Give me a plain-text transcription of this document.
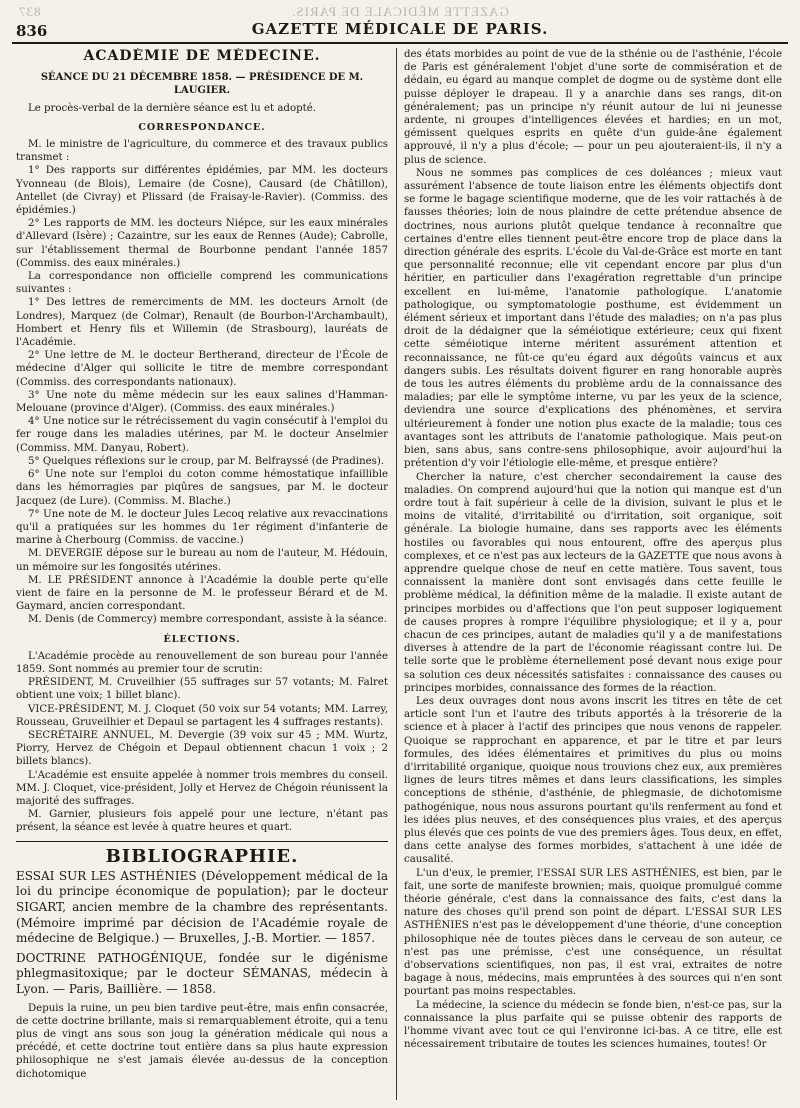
GAZETTE MÉDICALE DE PARIS.
837
836	GAZETTE MÉDICALE DE PARIS.
ACADÉMIE DE MÉDECINE.
SÉANCE DU 21 DÉCEMBRE 1858. — PRÉSIDENCE DE M. LAUGIER.

Le procès-verbal de la dernière séance est lu et adopté.

CORRESPONDANCE.

M. le ministre de l'agriculture, du commerce et des travaux publics transmet :

1° Des rapports sur différentes épidémies, par MM. les docteurs Yvonneau (de Blois), Lemaire (de Cosne), Causard (de Châtillon), Antellet (de Civray) et Plissard (de Fraisay-le-Ravier). (Commiss. des épidémies.)

2° Les rapports de MM. les docteurs Niépce, sur les eaux minérales d'Allevard (Isère) ; Cazaintre, sur les eaux de Rennes (Aude); Cabrolle, sur l'établissement thermal de Bourbonne pendant l'année 1857 (Commiss. des eaux minérales.)

La correspondance non officielle comprend les communications suivantes :

1° Des lettres de remerciments de MM. les docteurs Arnolt (de Londres), Marquez (de Colmar), Renault (de Bourbon-l'Archambault), Hombert et Henry fils et Willemin (de Strasbourg), lauréats de l'Académie.

2° Une lettre de M. le docteur Bertherand, directeur de l'École de médecine d'Alger qui sollicite le titre de membre correspondant (Commiss. des correspondants nationaux).

3° Une note du même médecin sur les eaux salines d'Hamman-Melouane (province d'Alger). (Commiss. des eaux minérales.)

4° Une notice sur le rétrécissement du vagin consécutif à l'emploi du fer rouge dans les maladies utérines, par M. le docteur Anselmier (Commiss. MM. Danyau, Robert).

5° Quelques réflexions sur le croup, par M. Belfrayssé (de Pradines).

6° Une note sur l'emploi du coton comme hémostatique infaillible dans les hémorragies par piqûres de sangsues, par M. le docteur Jacquez (de Lure). (Commiss. M. Blache.)

7° Une note de M. le docteur Jules Lecoq relative aux revaccinations qu'il a pratiquées sur les hommes du 1er régiment d'infanterie de marine à Cherbourg (Commiss. de vaccine.)

M. DEVERGIE dépose sur le bureau au nom de l'auteur, M. Hédouin, un mémoire sur les fongosités utérines.

M. LE PRÉSIDENT annonce à l'Académie la double perte qu'elle vient de faire en la personne de M. le professeur Bérard et de M. Gaymard, ancien correspondant.

M. Denis (de Commercy) membre correspondant, assiste à la séance.

ÉLECTIONS.

L'Académie procède au renouvellement de son bureau pour l'année 1859. Sont nommés au premier tour de scrutin:

PRÉSIDENT, M. Cruveilhier (55 suffrages sur 57 votants; M. Falret obtient une voix; 1 billet blanc).

VICE-PRÉSIDENT, M. J. Cloquet (50 voix sur 54 votants; MM. Larrey, Rousseau, Gruveilhier et Depaul se partagent les 4 suffrages restants).

SECRÉTAIRE ANNUEL, M. Devergie (39 voix sur 45 ; MM. Wurtz, Piorry, Hervez de Chégoin et Depaul obtiennent chacun 1 voix ; 2 billets blancs).

L'Académie est ensuite appelée à nommer trois membres du conseil. MM. J. Cloquet, vice-président, Jolly et Hervez de Chégoin réunissent la majorité des suffrages.

M. Garnier, plusieurs fois appelé pour une lecture, n'étant pas présent, la séance est levée à quatre heures et quart.

BIBLIOGRAPHIE.

ESSAI SUR LES ASTHÉNIES (Développement médical de la loi du principe économique de population); par le docteur SIGART, ancien membre de la chambre des représentants. (Mémoire imprimé par décision de l'Académie royale de médecine de Belgique.) — Bruxelles, J.-B. Mortier. — 1857.

DOCTRINE PATHOGÉNIQUE, fondée sur le digénisme phlegmasitoxique; par le docteur SÉMANAS, médecin à Lyon. — Paris, Baillière. — 1858.

Depuis la ruine, un peu bien tardive peut-être, mais enfin consacrée, de cette doctrine brillante, mais si remarquablement étroite, qui a tenu plus de vingt ans sous son joug la génération médicale qui nous a précédé, et cette doctrine tout entière dans sa plus haute expression philosophique ne s'est jamais élevée au-dessus de la conception dichotomique

des états morbides au point de vue de la sthénie ou de l'asthénie, l'école de Paris est généralement l'objet d'une sorte de commisération et de dédain, eu égard au manque complet de dogme ou de système dont elle puisse déployer le drapeau. Il y a anarchie dans ses rangs, dit-on généralement; pas un principe n'y réunit autour de lui ni jeunesse ardente, ni groupes d'intelligences élevées et hardies; en un mot, gémissent quelques esprits en quête d'un guide-âne également approuvé, il n'y a plus d'école; — pour un peu ajouteraient-ils, il n'y a plus de science.

Nous ne sommes pas complices de ces doléances ; mieux vaut assurément l'absence de toute liaison entre les éléments objectifs dont se forme le bagage scientifique moderne, que de les voir rattachés à de fausses théories; loin de nous plaindre de cette prétendue absence de doctrines, nous aurions plutôt quelque tendance à reconnaître que certaines d'entre elles tiennent peut-être encore trop de place dans la direction générale des esprits. L'école du Val-de-Grâce est morte en tant que personnalité reconnue; elle vit cependant encore par plus d'un héritier, en particulier dans l'exagération regrettable d'un principe excellent en lui-même, l'anatomie pathologique. L'anatomie pathologique, ou symptomatologie posthume, est évidemment un élément sérieux et important dans l'étude des maladies; on n'a pas plus droit de la dédaigner que la séméiotique extérieure; ceux qui fixent cette séméiotique interne méritent assurément attention et reconnaissance, ne fût-ce qu'eu égard aux dégoûts vaincus et aux dangers subis. Les résultats doivent figurer en rang honorable auprès de tous les autres éléments du problème ardu de la connaissance des maladies; par elle le symptôme interne, vu par les yeux de la science, deviendra une source d'explications des phénomènes, et servira ultérieurement à fonder une notion plus exacte de la maladie; tous ces avantages sont les attributs de l'anatomie pathologique. Mais peut-on bien, sans abus, sans contre-sens philosophique, avoir aujourd'hui la prétention d'y voir l'étiologie elle-même, et presque entière?

Chercher la nature, c'est chercher secondairement la cause des maladies. On comprend aujourd'hui que la notion qui manque est d'un ordre tout à fait supérieur à celle de la division, suivant le plus et le moins de vitalité, d'irritabilité ou d'irritation, soit organique, soit générale. La biologie humaine, dans ses rapports avec les éléments hostiles ou favorables qui nous entourent, offre des aperçus plus complexes, et ce n'est pas aux lecteurs de la GAZETTE que nous avons à apprendre quelque chose de neuf en cette matière. Tous savent, tous connaissent la manière dont sont envisagés dans cette feuille le problème médical, la définition même de la maladie. Il existe autant de principes morbides ou d'affections que l'on peut supposer logiquement de causes propres à rompre l'équilibre physiologique; et il y a, pour chacun de ces principes, autant de maladies qu'il y a de manifestations diverses à attendre de la part de l'économie réagissant contre lui. De telle sorte que le problème éternellement posé devant nous exige pour sa solution ces deux nécessités satisfaites : connaissance des causes ou principes morbides, connaissance des formes de la réaction.

Les deux ouvrages dont nous avons inscrit les titres en tête de cet article sont l'un et l'autre des tributs apportés à la trésorerie de la science et à placer à l'actif des principes que nous venons de rappeler. Quoique se rapprochant en apparence, et par le titre et par leurs formules, des idées élémentaires et primitives du plus ou moins d'irritabilité organique, quoique nous trouvions chez eux, aux premières lignes de leurs titres mêmes et dans leurs classifications, les simples conceptions de sthénie, d'asthénie, de phlegmasie, de dichotomisme pathogénique, nous nous assurons pourtant qu'ils renferment au fond et les idées plus neuves, et des conséquences plus vraies, et des aperçus plus élevés que ces points de vue des premiers âges. Tous deux, en effet, dans cette analyse des formes morbides, s'attachent à une idée de causalité.

L'un d'eux, le premier, l'ESSAI SUR LES ASTHÉNIES, est bien, par le fait, une sorte de manifeste brownien; mais, quoique promulgué comme théorie générale, c'est dans la connaissance des faits, c'est dans la nature des choses qu'il prend son point de départ. L'ESSAI SUR LES ASTHÉNIES n'est pas le développement d'une théorie, d'une conception philosophique née de toutes pièces dans le cerveau de son auteur, ce n'est pas une prémisse, c'est une conséquence, un résultat d'observations scientifiques, non pas, il est vrai, extraites de notre bagage à nous, médecins, mais empruntées à des sources qui n'en sont pourtant pas moins respectables.

La médecine, la science du médecin se fonde bien, n'est-ce pas, sur la connaissance la plus parfaite qui se puisse obtenir des rapports de l'homme vivant avec tout ce qui l'environne ici-bas. A ce titre, elle est nécessairement tributaire de toutes les sciences humaines, toutes! Or
